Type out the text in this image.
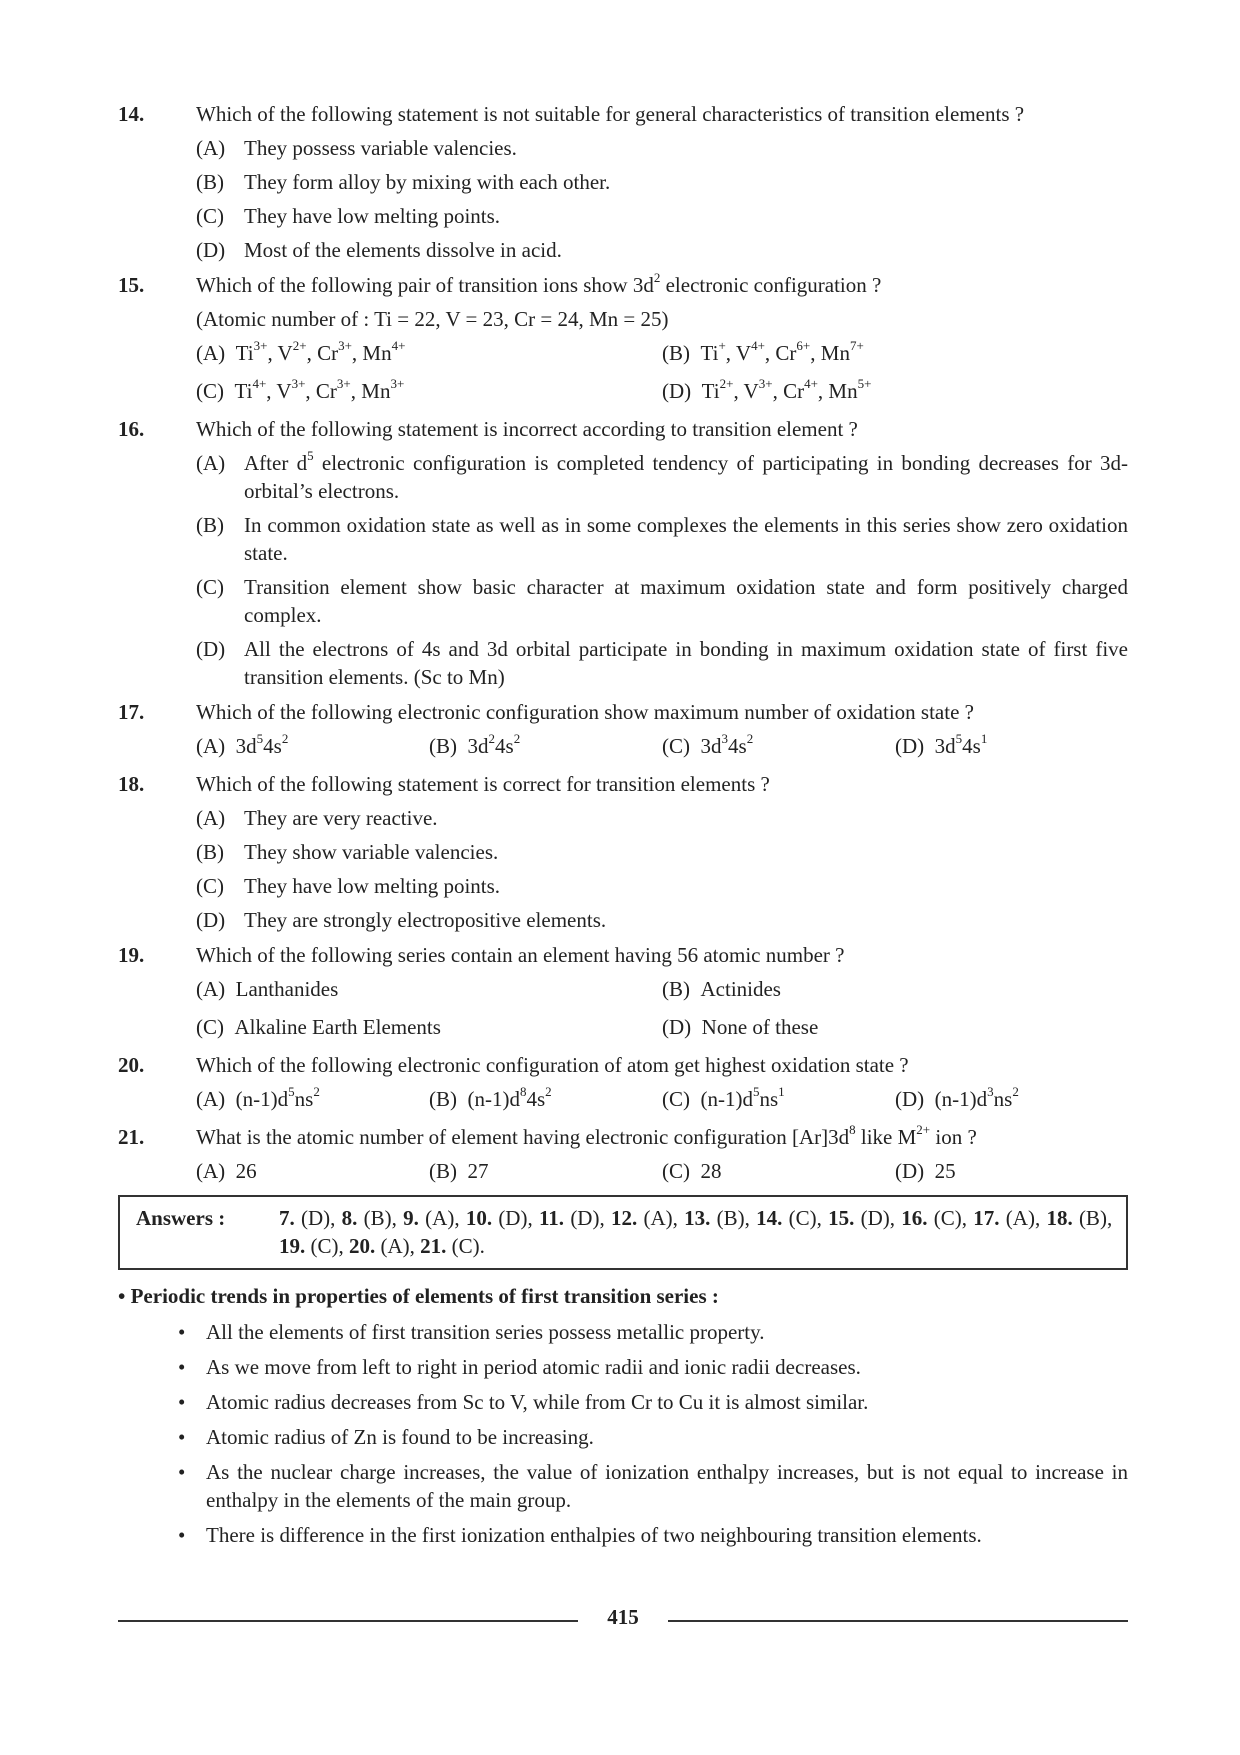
14.	Which of the following statement is not suitable for general characteristics of transition elements ?
(A) They possess variable valencies.
(B) They form alloy by mixing with each other.
(C) They have low melting points.
(D) Most of the elements dissolve in acid.
15.	Which of the following pair of transition ions show $3d^2$ electronic configuration ?
(Atomic number of : Ti = 22, V = 23, Cr = 24, Mn = 25)
(A) $Ti^{3+}$, $V^{2+}$, $Cr^{3+}$, $Mn^{4+}$	(B) Ti+, $V^{4+}$, $Cr^{6+}$, $Mn^{7+}$
(C) $Ti^{4+}$, $V^{3+}$, $Cr^{3+}$, $Mn^{3+}$	(D) $Ti^{2+}$, $V^{3+}$, $Cr^{4+}$, $Mn^{5+}$
16.	Which of the following statement is incorrect according to transition element ?
(A) After $d^5$ electronic configuration is completed tendency of participating in bonding decreases for 3d-orbital’s electrons.
(B) In common oxidation state as well as in some complexes the elements in this series show zero oxidation state.
(C) Transition element show basic character at maximum oxidation state and form positively charged complex.
(D) All the electrons of 4s and 3d orbital participate in bonding in maximum oxidation state of first five transition elements. (Sc to Mn)
17.	Which of the following electronic configuration show maximum number of oxidation state ?
(A) $3d^54s^2$	(B) $3d^24s^2$	(C) $3d^34s^2$	(D) $3d^54s^1$
18.	Which of the following statement is correct for transition elements ?
(A) They are very reactive.
(B) They show variable valencies.
(C) They have low melting points.
(D) They are strongly electropositive elements.
19.	Which of the following series contain an element having 56 atomic number ?
(A) Lanthanides	(B) Actinides
(C) Alkaline Earth Elements	(D) None of these
20.	Which of the following electronic configuration of atom get highest oxidation state ?
(A) $(n-1)d^5ns^2$	(B) $(n-1)d^84s^2$	(C) $(n-1)d^5ns^1$	(D) $(n-1)d^3ns^2$
21.	What is the atomic number of element having electronic configuration $[Ar]3d^8$ like $M^{2+}$ ion ?
(A) 26	(B) 27	(C) 28	(D) 25
Answers :	7. (D), 8. (B), 9. (A), 10. (D), 11. (D), 12. (A), 13. (B), 14. (C), 15. (D), 16. (C), 17. (A), 18. (B), 19. (C), 20. (A), 21. (C).
• Periodic trends in properties of elements of first transition series :
• All the elements of first transition series possess metallic property.
• As we move from left to right in period atomic radii and ionic radii decreases.
• Atomic radius decreases from Sc to V, while from Cr to Cu it is almost similar.
• Atomic radius of Zn is found to be increasing.
• As the nuclear charge increases, the value of ionization enthalpy increases, but is not equal to increase in enthalpy in the elements of the main group.
• There is difference in the first ionization enthalpies of two neighbouring transition elements.
415
